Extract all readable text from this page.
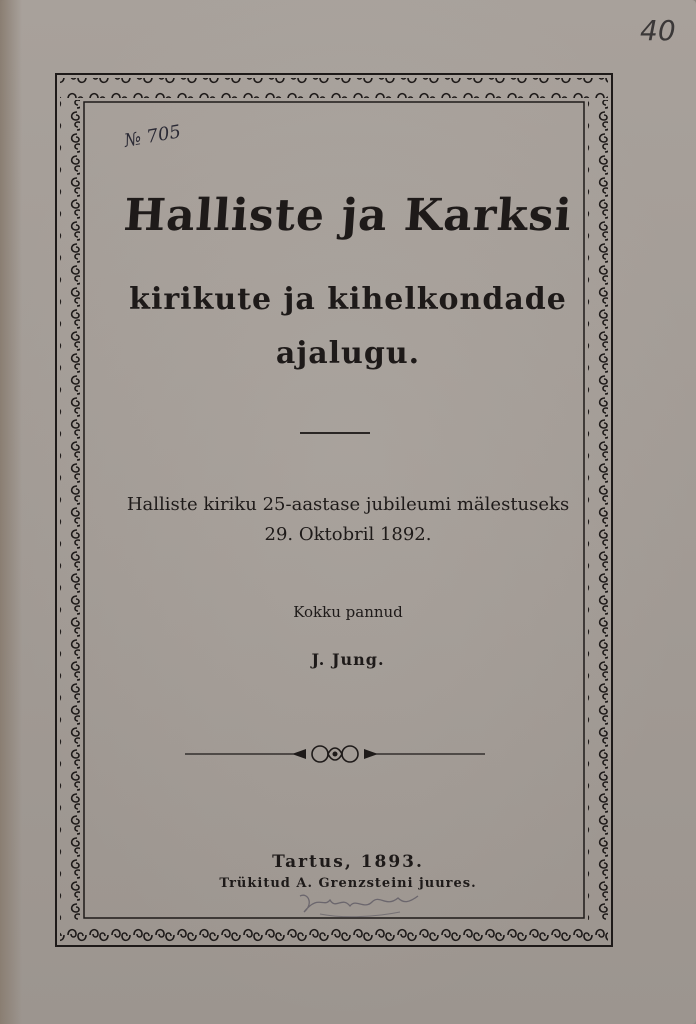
40
№ 705
Halliste ja Karksi
kirikute ja kihelkondade
ajalugu.
Halliste kiriku 25-aastase jubileumi mälestuseks
29. Oktobril 1892.
Kokku pannud
J. Jung.
Tartus, 1893.
Trükitud A. Grenzsteini juures.
